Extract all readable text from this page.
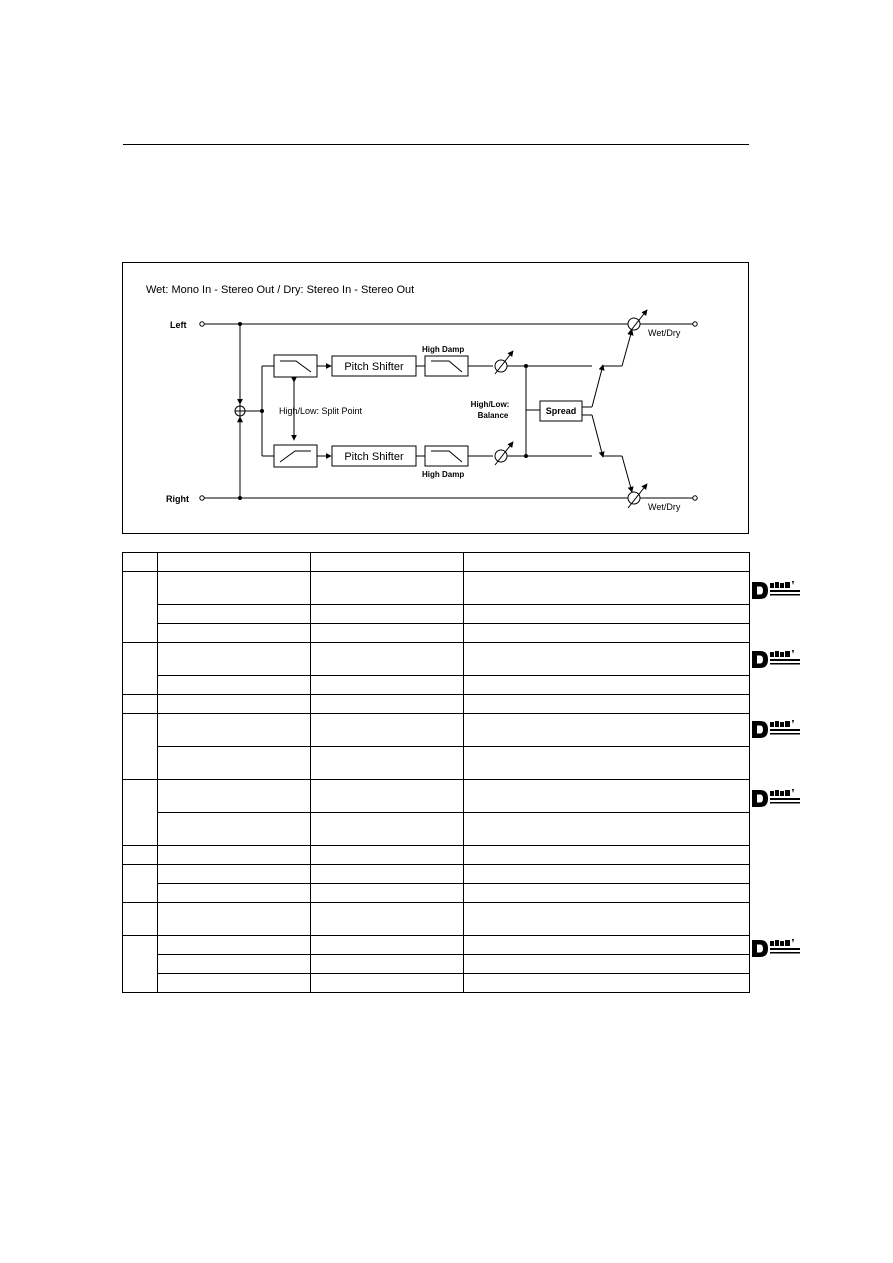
Wet: Mono In - Stereo Out / Dry: Stereo In - Stereo Out
Left
Right
High/Low: Split Point
Pitch Shifter
Pitch Shifter
High Damp
High Damp
High/Low:
Balance	Spread
Wet/Dry
Wet/Dry
